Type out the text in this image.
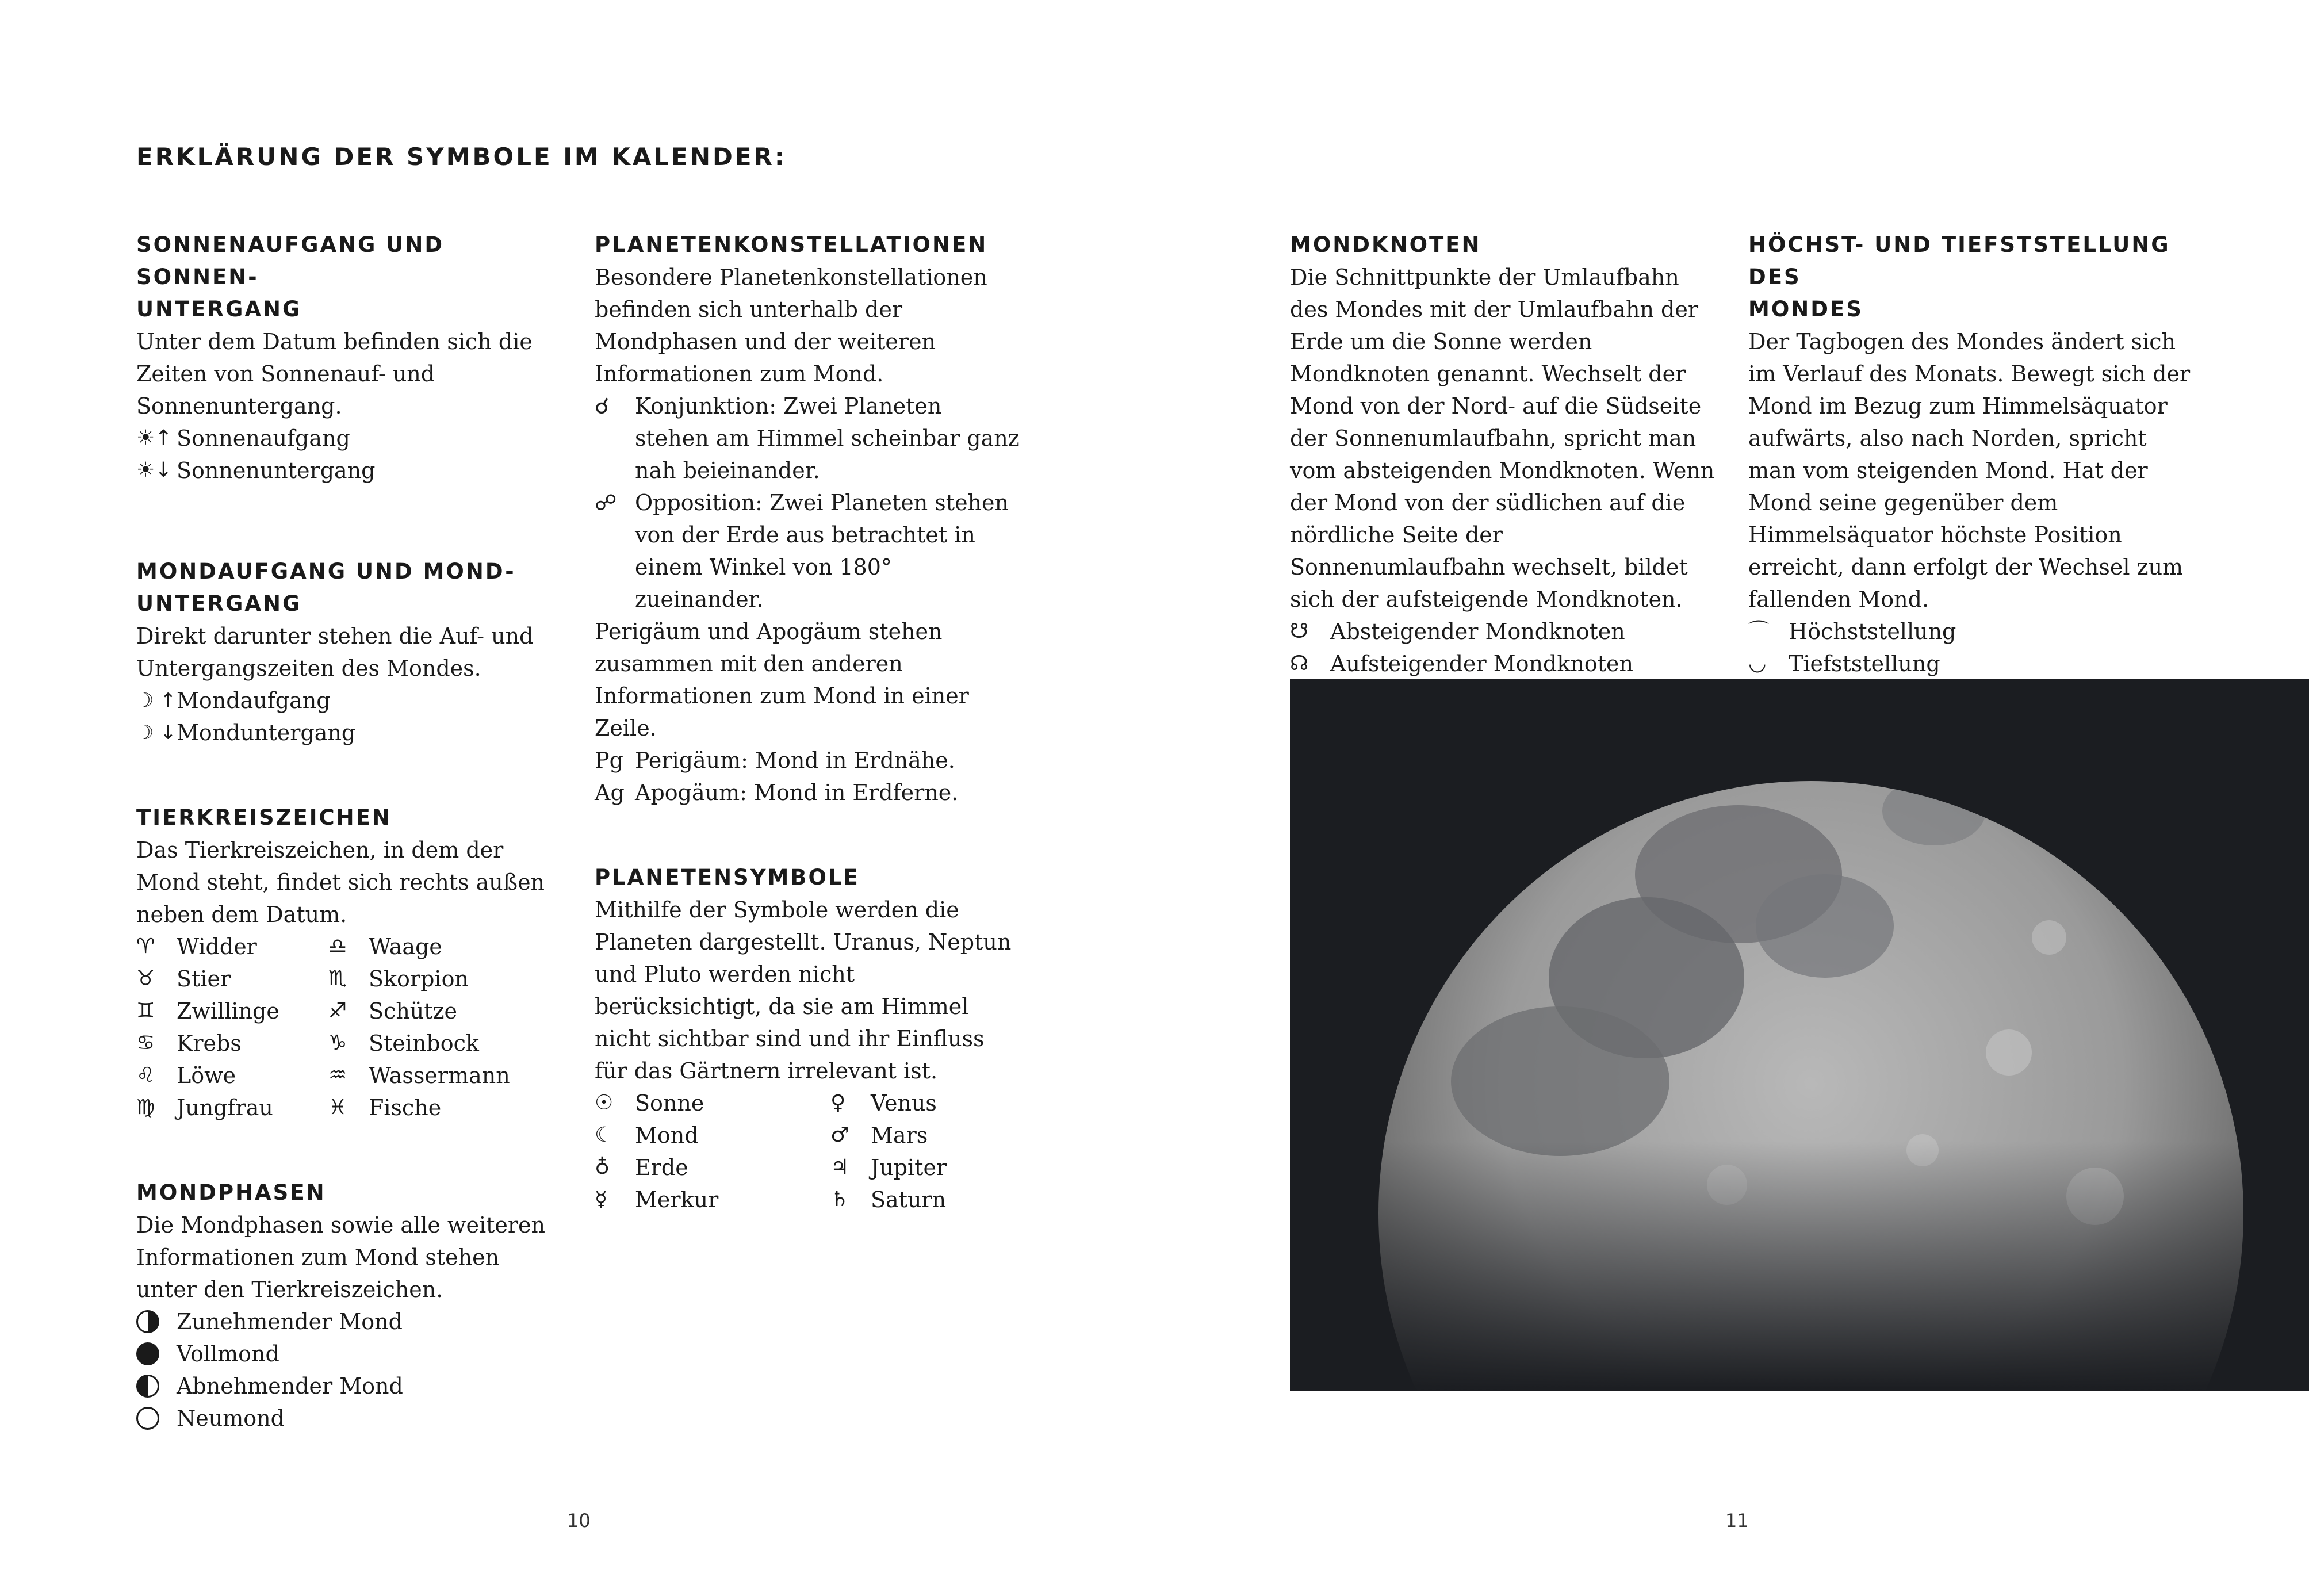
ERKLÄRUNG DER SYMBOLE IM KALENDER:
SONNENAUFGANG UND SONNEN-
UNTERGANG

Unter dem Datum befinden sich die Zeiten von Sonnenauf- und Sonnenuntergang.

☀↑ Sonnenaufgang
☀↓ Sonnenuntergang
MONDAUFGANG UND MOND-
UNTERGANG

Direkt darunter stehen die Auf- und Untergangszeiten des Mondes.

☽ ↑ Mondaufgang
☽ ↓ Monduntergang
TIERKREISZEICHEN

Das Tierkreiszeichen, in dem der Mond steht, findet sich rechts außen neben dem Datum.

♈ Widder	♎ Waage
♉ Stier	♏ Skorpion
♊ Zwillinge ♐ Schütze
♋ Krebs	♑ Steinbock
♌ Löwe	♒ Wassermann
♍ Jungfrau	♓ Fische
MONDPHASEN

Die Mondphasen sowie alle weiteren Informationen zum Mond stehen unter den Tierkreiszeichen.

Zunehmender Mond
Vollmond
Abnehmender Mond
Neumond
PLANETENKONSTELLATIONEN

Besondere Planetenkonstellationen befinden sich unterhalb der Mondphasen und der weiteren Informationen zum Mond.

☌	Konjunktion: Zwei Planeten stehen am Himmel scheinbar ganz nah beieinander.
☍ Opposition: Zwei Planeten stehen von der Erde aus betrachtet in einem Winkel von 180° zueinander.

Perigäum und Apogäum stehen zusammen mit den anderen Informationen zum Mond in einer Zeile.

Pg Perigäum: Mond in Erdnähe.
Ag Apogäum: Mond in Erdferne.
PLANETENSYMBOLE

Mithilfe der Symbole werden die Planeten dargestellt. Uranus, Neptun und Pluto werden nicht berücksichtigt, da sie am Himmel nicht sichtbar sind und ihr Einfluss für das Gärtnern irrelevant ist.

☉ Sonne	♀	Venus
☾ Mond	♂ Mars
♁	Erde	♃ Jupiter
☿	Merkur	♄ Saturn
MONDKNOTEN

Die Schnittpunkte der Umlaufbahn des Mondes mit der Umlaufbahn der Erde um die Sonne werden Mondknoten genannt. Wechselt der Mond von der Nord- auf die Südseite der Sonnenumlaufbahn, spricht man vom absteigenden Mondknoten. Wenn der Mond von der südlichen auf die nördliche Seite der Sonnenumlaufbahn wechselt, bildet sich der aufsteigende Mondknoten.

☋	Absteigender Mondknoten
☊	Aufsteigender Mondknoten
HÖCHST- UND TIEFSTSTELLUNG DES
MONDES

Der Tagbogen des Mondes ändert sich im Verlauf des Monats. Bewegt sich der Mond im Bezug zum Himmelsäquator aufwärts, also nach Norden, spricht man vom steigenden Mond. Hat der Mond seine gegenüber dem Himmelsäquator höchste Position erreicht, dann erfolgt der Wechsel zum fallenden Mond.

⌒ Höchststellung
◡	Tiefststellung
10	11
